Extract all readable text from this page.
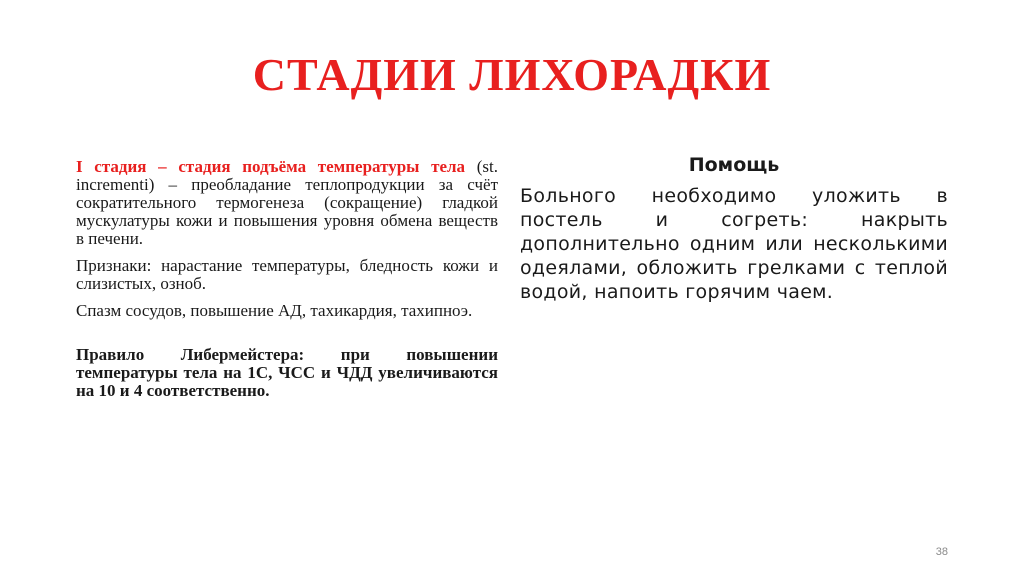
СТАДИИ ЛИХОРАДКИ

I стадия – стадия подъёма температуры тела (st. incrementi) – преобладание теплопродукции за счёт сократительного термогенеза (сокращение) гладкой мускулатуры кожи и повышения уровня обмена веществ в печени.

Признаки: нарастание температуры, бледность кожи и слизистых, озноб.

Спазм сосудов, повышение АД, тахикардия, тахипноэ.

Правило Либермейстера: при повышении температуры тела на 1С, ЧСС и ЧДД увеличиваются на 10 и 4 соответственно.

Помощь

Больного необходимо уложить в постель и согреть: накрыть дополнительно одним или несколькими одеялами, обложить грелками с теплой водой, напоить горячим чаем.

38
